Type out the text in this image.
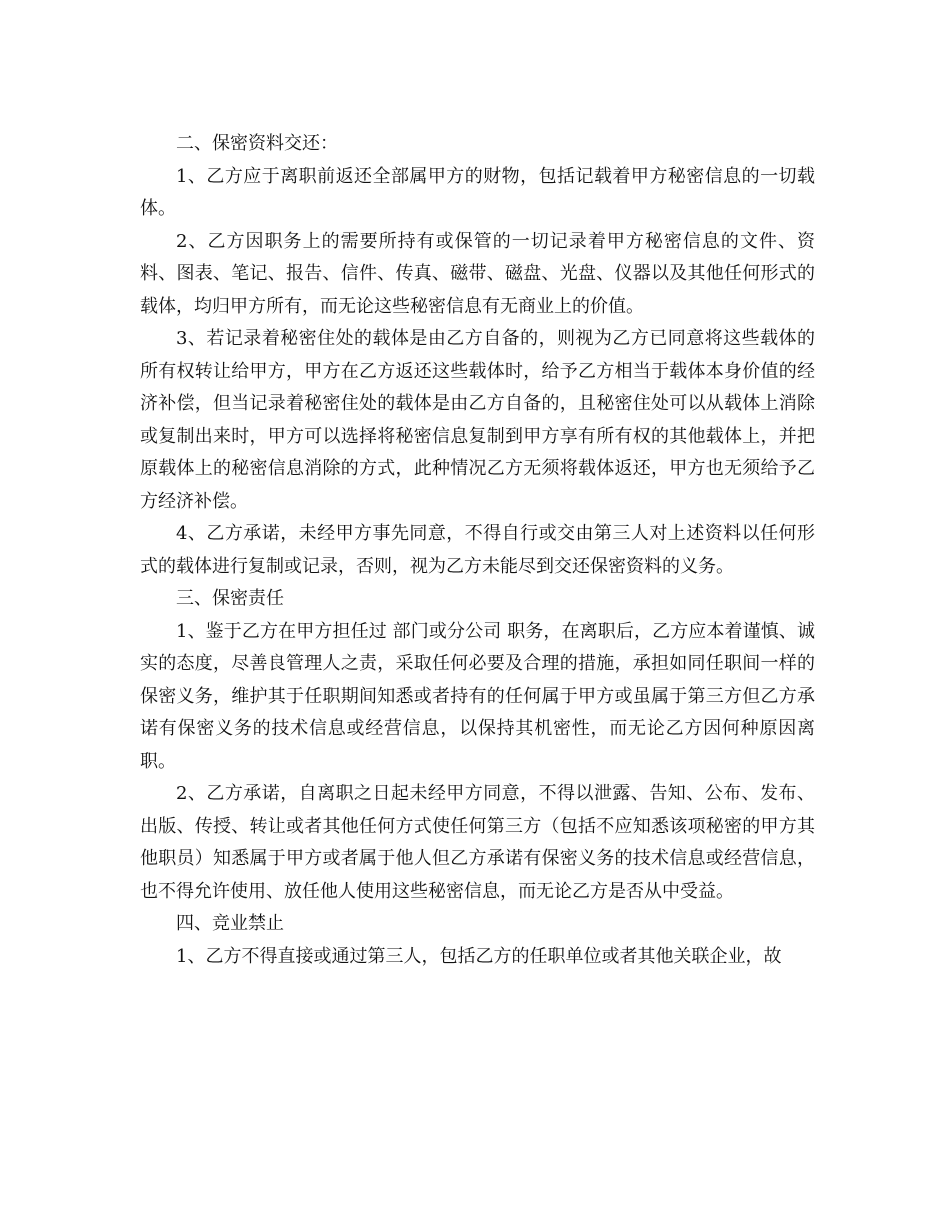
二、保密资料交还：

1、乙方应于离职前返还全部属甲方的财物，包括记载着甲方秘密信息的一切载体。

2、乙方因职务上的需要所持有或保管的一切记录着甲方秘密信息的文件、资料、图表、笔记、报告、信件、传真、磁带、磁盘、光盘、仪器以及其他任何形式的载体，均归甲方所有，而无论这些秘密信息有无商业上的价值。

3、若记录着秘密住处的载体是由乙方自备的，则视为乙方已同意将这些载体的所有权转让给甲方，甲方在乙方返还这些载体时，给予乙方相当于载体本身价值的经济补偿，但当记录着秘密住处的载体是由乙方自备的，且秘密住处可以从载体上消除或复制出来时，甲方可以选择将秘密信息复制到甲方享有所有权的其他载体上，并把原载体上的秘密信息消除的方式，此种情况乙方无须将载体返还，甲方也无须给予乙方经济补偿。

4、乙方承诺，未经甲方事先同意，不得自行或交由第三人对上述资料以任何形式的载体进行复制或记录，否则，视为乙方未能尽到交还保密资料的义务。

三、保密责任

1、鉴于乙方在甲方担任过 部门或分公司 职务，在离职后，乙方应本着谨慎、诚实的态度，尽善良管理人之责，采取任何必要及合理的措施，承担如同任职间一样的保密义务，维护其于任职期间知悉或者持有的任何属于甲方或虽属于第三方但乙方承诺有保密义务的技术信息或经营信息，以保持其机密性，而无论乙方因何种原因离职。

2、乙方承诺，自离职之日起未经甲方同意，不得以泄露、告知、公布、发布、出版、传授、转让或者其他任何方式使任何第三方（包括不应知悉该项秘密的甲方其他职员）知悉属于甲方或者属于他人但乙方承诺有保密义务的技术信息或经营信息，也不得允许使用、放任他人使用这些秘密信息，而无论乙方是否从中受益。

四、竞业禁止

1、乙方不得直接或通过第三人，包括乙方的任职单位或者其他关联企业，故
